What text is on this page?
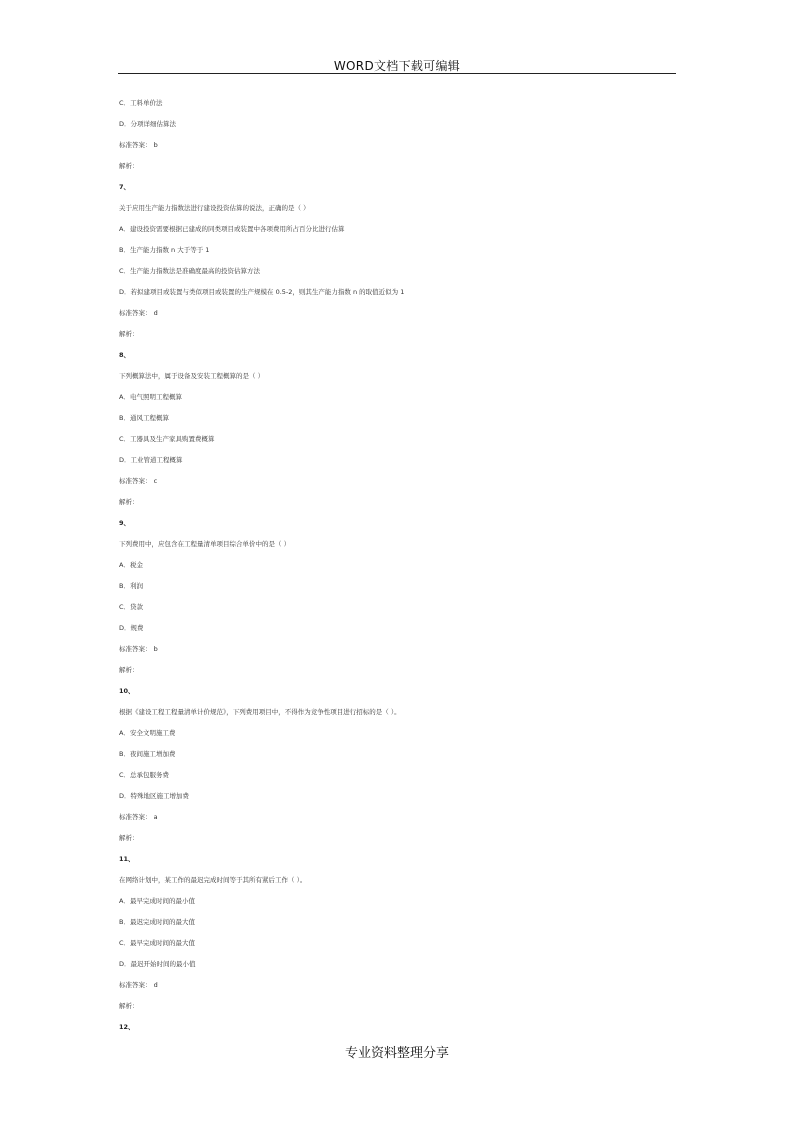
WORD文档下载可编辑

C．工料单价法

D．分项详细估算法

标准答案： b

解析：

7、

关于应用生产能力指数法进行建设投资估算的说法，正确的是（ ）

A．建设投资需要根据已建成的同类项目或装置中各项费用所占百分比进行估算

B．生产能力指数 n 大于等于 1

C．生产能力指数法是准确度最高的投资估算方法

D．若拟建项目或装置与类似项目或装置的生产规模在 0.5-2，则其生产能力指数 n 的取值近似为 1

标准答案： d

解析：

8、

下列概算法中，属于设备及安装工程概算的是（ ）

A．电气照明工程概算

B．通风工程概算

C．工器具及生产家具购置费概算

D．工业管道工程概算

标准答案： c

解析：

9、

下列费用中，应包含在工程量清单项目综合单价中的是（ ）

A．税金

B．利润

C．贷款

D．规费

标准答案： b

解析：

10、

根据《建设工程工程量清单计价规范》，下列费用项目中，不得作为竞争性项目进行招标的是（ ）。

A．安全文明施工费

B．夜间施工增加费

C．总承包服务费

D．特殊地区施工增加费

标准答案： a

解析：

11、

在网络计划中，某工作的最迟完成时间等于其所有紧后工作（ ）。

A．最早完成时间的最小值

B．最迟完成时间的最大值

C．最早完成时间的最大值

D．最迟开始时间的最小值

标准答案： d

解析：

12、

专业资料整理分享
